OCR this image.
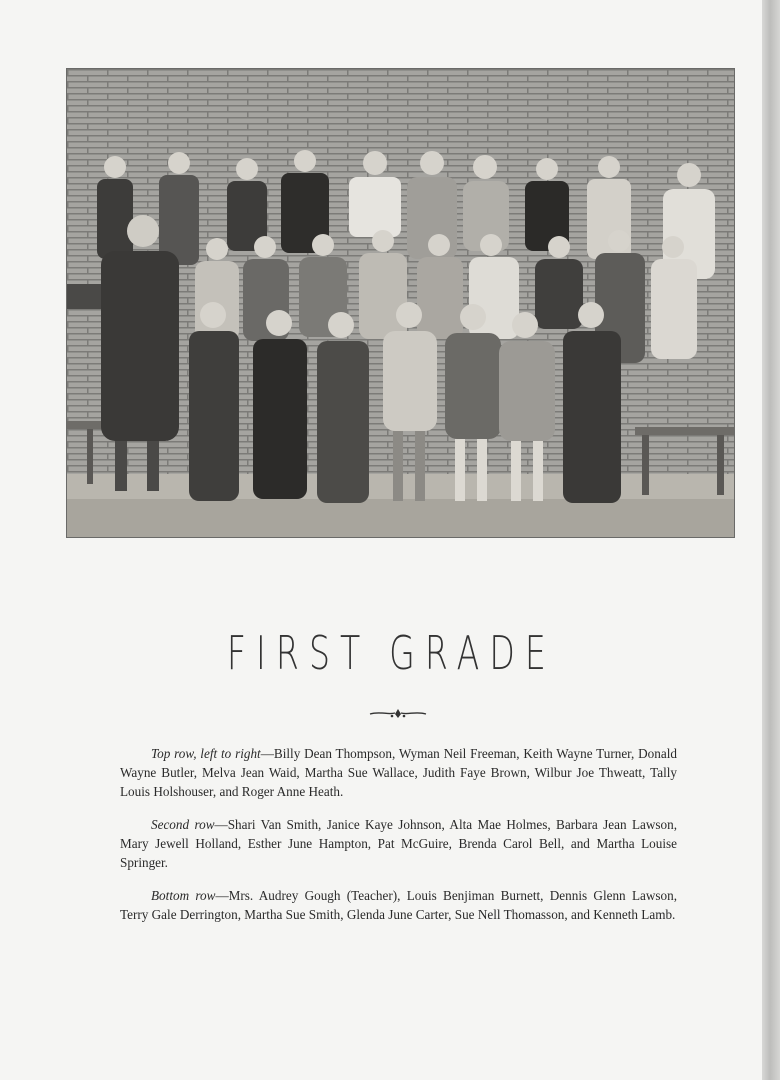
FIRST GRADE

Top row, left to right—Billy Dean Thompson, Wyman Neil Freeman, Keith Wayne Turner, Donald Wayne Butler, Melva Jean Waid, Martha Sue Wallace, Judith Faye Brown, Wilbur Joe Thweatt, Tally Louis Holshouser, and Roger Anne Heath.

Second row—Shari Van Smith, Janice Kaye Johnson, Alta Mae Holmes, Barbara Jean Lawson, Mary Jewell Holland, Esther June Hampton, Pat McGuire, Brenda Carol Bell, and Martha Louise Springer.

Bottom row—Mrs. Audrey Gough (Teacher), Louis Benjiman Burnett, Dennis Glenn Lawson, Terry Gale Derrington, Martha Sue Smith, Glenda June Carter, Sue Nell Thomasson, and Kenneth Lamb.
